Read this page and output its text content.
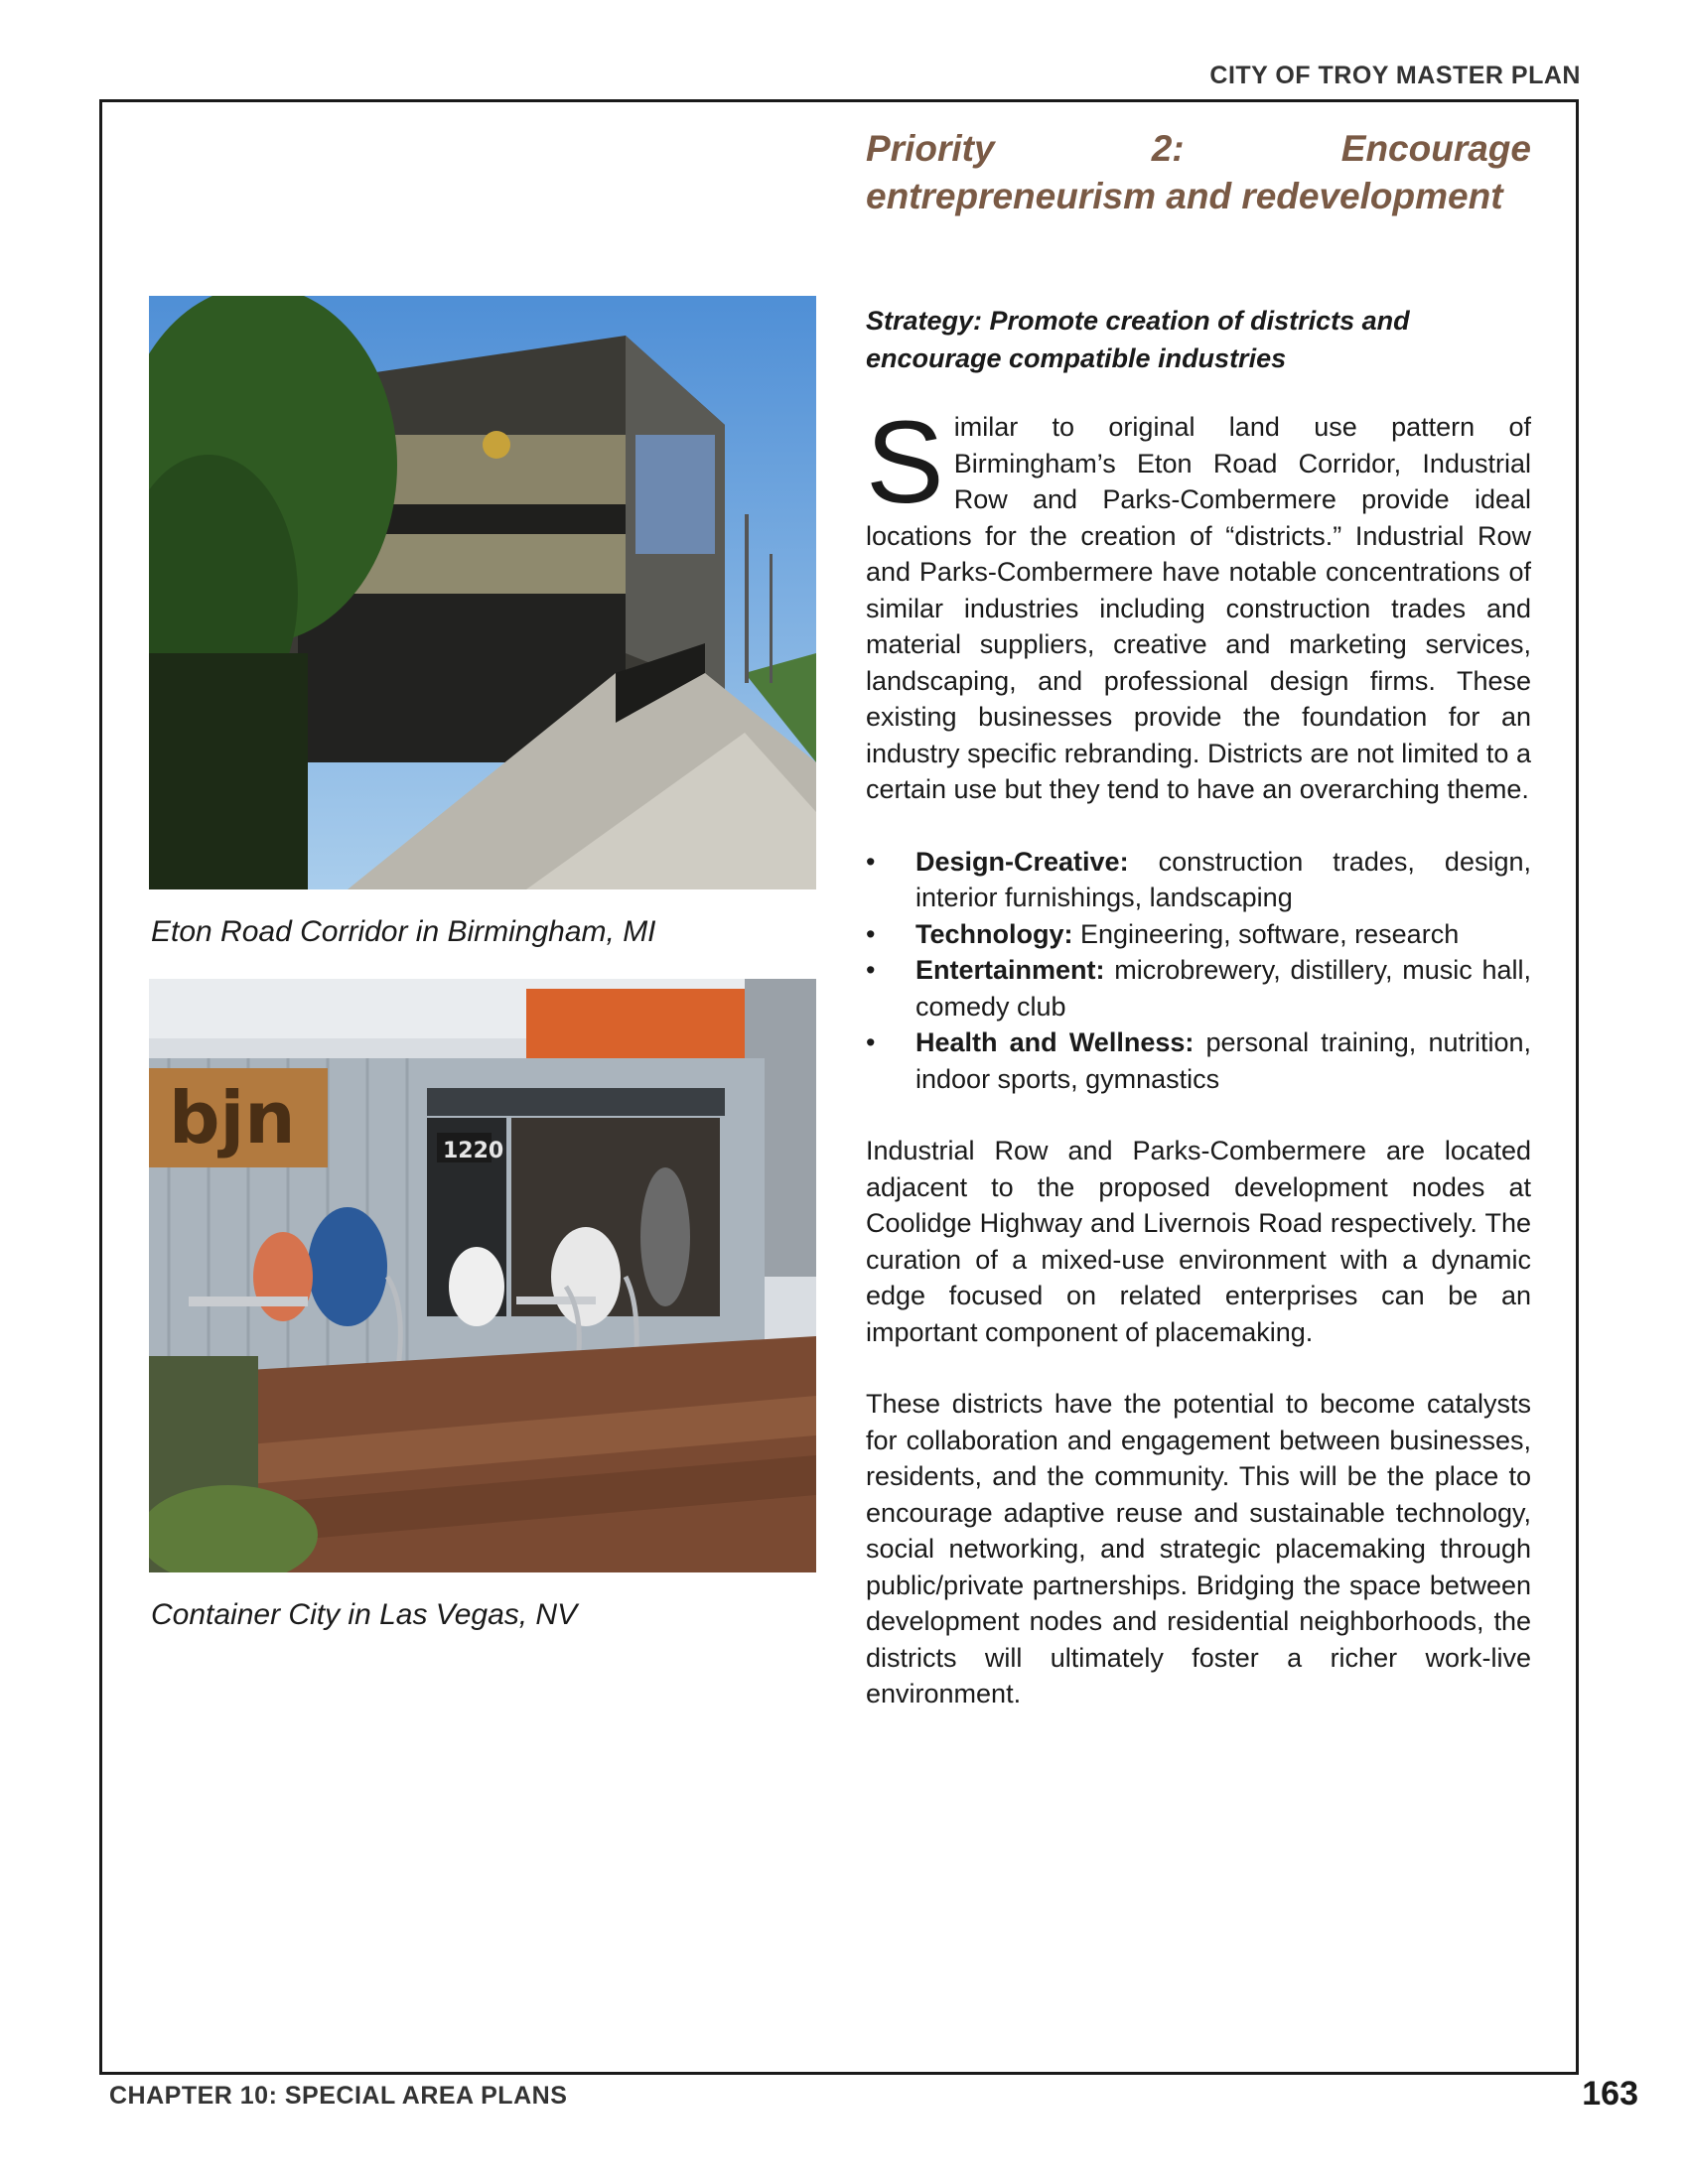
CITY OF TROY MASTER PLAN
Eton Road Corridor in Birmingham, MI
bjn	1220
Container City in Las Vegas, NV
Priority 2: Encourage entrepreneurism and redevelopment

Strategy: Promote creation of districts and encourage compatible industries

Similar to original land use pattern of Birmingham’s Eton Road Corridor, Industrial Row and Parks-Combermere provide ideal locations for the creation of “districts.” Industrial Row and Parks-Combermere have notable concentrations of similar industries including construction trades and material suppliers, creative and marketing services, landscaping, and professional design firms. These existing businesses provide the foundation for an industry specific rebranding. Districts are not limited to a certain use but they tend to have an overarching theme.
• Design-Creative: construction trades, design, interior furnishings, landscaping
• Technology: Engineering, software, research
• Entertainment: microbrewery, distillery, music hall, comedy club
• Health and Wellness: personal training, nutrition, indoor sports, gymnastics

Industrial Row and Parks-Combermere are located adjacent to the proposed development nodes at Coolidge Highway and Livernois Road respectively. The curation of a mixed-use environment with a dynamic edge focused on related enterprises can be an important component of placemaking.

These districts have the potential to become catalysts for collaboration and engagement between businesses, residents, and the community. This will be the place to encourage adaptive reuse and sustainable technology, social networking, and strategic placemaking through public/private partnerships. Bridging the space between development nodes and residential neighborhoods, the districts will ultimately foster a richer work-live environment.

CHAPTER 10: SPECIAL AREA PLANS	163
